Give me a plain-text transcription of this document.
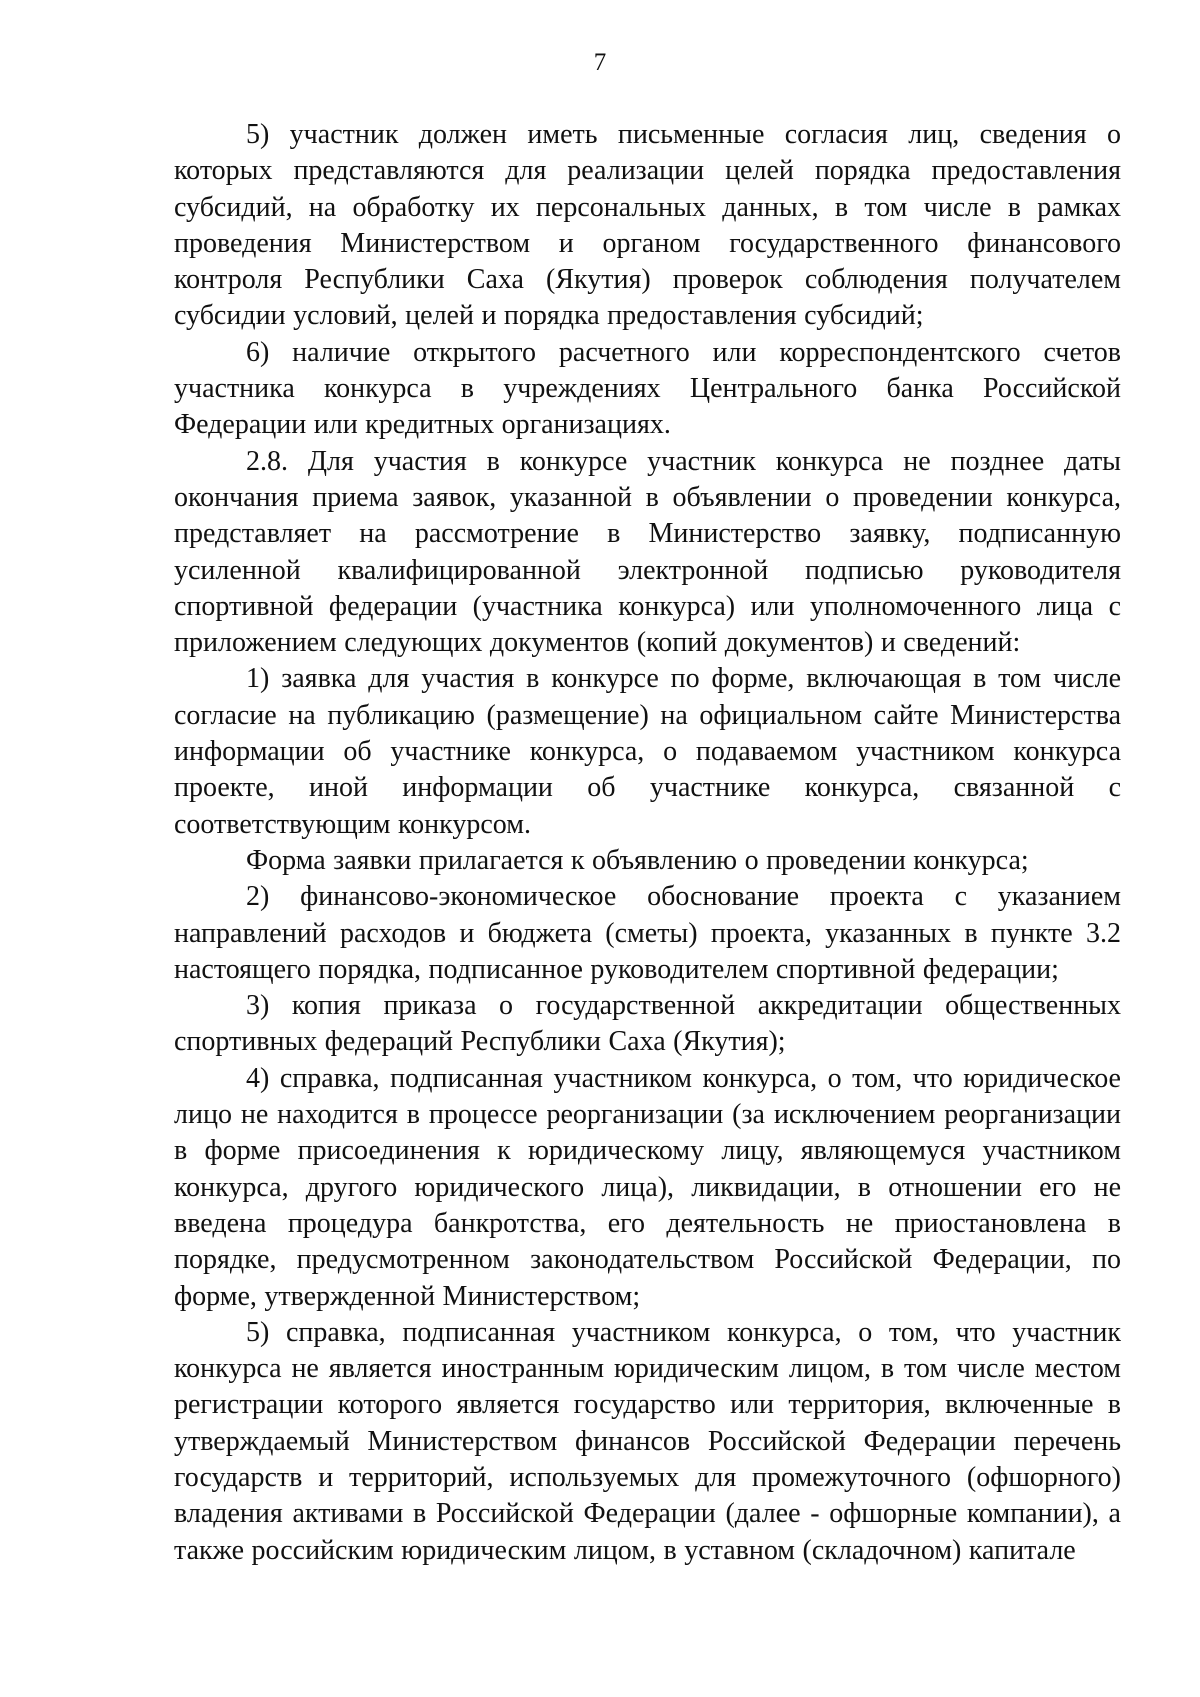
7

5) участник должен иметь письменные согласия лиц, сведения о которых представляются для реализации целей порядка предоставления субсидий, на обработку их персональных данных, в том числе в рамках проведения Министерством и органом государственного финансового контроля Республики Саха (Якутия) проверок соблюдения получателем субсидии условий, целей и порядка предоставления субсидий;

6) наличие открытого расчетного или корреспондентского счетов участника конкурса в учреждениях Центрального банка Российской Федерации или кредитных организациях.

2.8. Для участия в конкурсе участник конкурса не позднее даты окончания приема заявок, указанной в объявлении о проведении конкурса, представляет на рассмотрение в Министерство заявку, подписанную усиленной квалифицированной электронной подписью руководителя спортивной федерации (участника конкурса) или уполномоченного лица с приложением следующих документов (копий документов) и сведений:

1) заявка для участия в конкурсе по форме, включающая в том числе согласие на публикацию (размещение) на официальном сайте Министерства информации об участнике конкурса, о подаваемом участником конкурса проекте, иной информации об участнике конкурса, связанной с соответствующим конкурсом.

Форма заявки прилагается к объявлению о проведении конкурса;

2) финансово-экономическое обоснование проекта с указанием направлений расходов и бюджета (сметы) проекта, указанных в пункте 3.2 настоящего порядка, подписанное руководителем спортивной федерации;

3) копия приказа о государственной аккредитации общественных спортивных федераций Республики Саха (Якутия);

4) справка, подписанная участником конкурса, о том, что юридическое лицо не находится в процессе реорганизации (за исключением реорганизации в форме присоединения к юридическому лицу, являющемуся участником конкурса, другого юридического лица), ликвидации, в отношении его не введена процедура банкротства, его деятельность не приостановлена в порядке, предусмотренном законодательством Российской Федерации, по форме, утвержденной Министерством;

5) справка, подписанная участником конкурса, о том, что участник конкурса не является иностранным юридическим лицом, в том числе местом регистрации которого является государство или территория, включенные в утверждаемый Министерством финансов Российской Федерации перечень государств и территорий, используемых для промежуточного (офшорного) владения активами в Российской Федерации (далее - офшорные компании), а также российским юридическим лицом, в уставном (складочном) капитале
